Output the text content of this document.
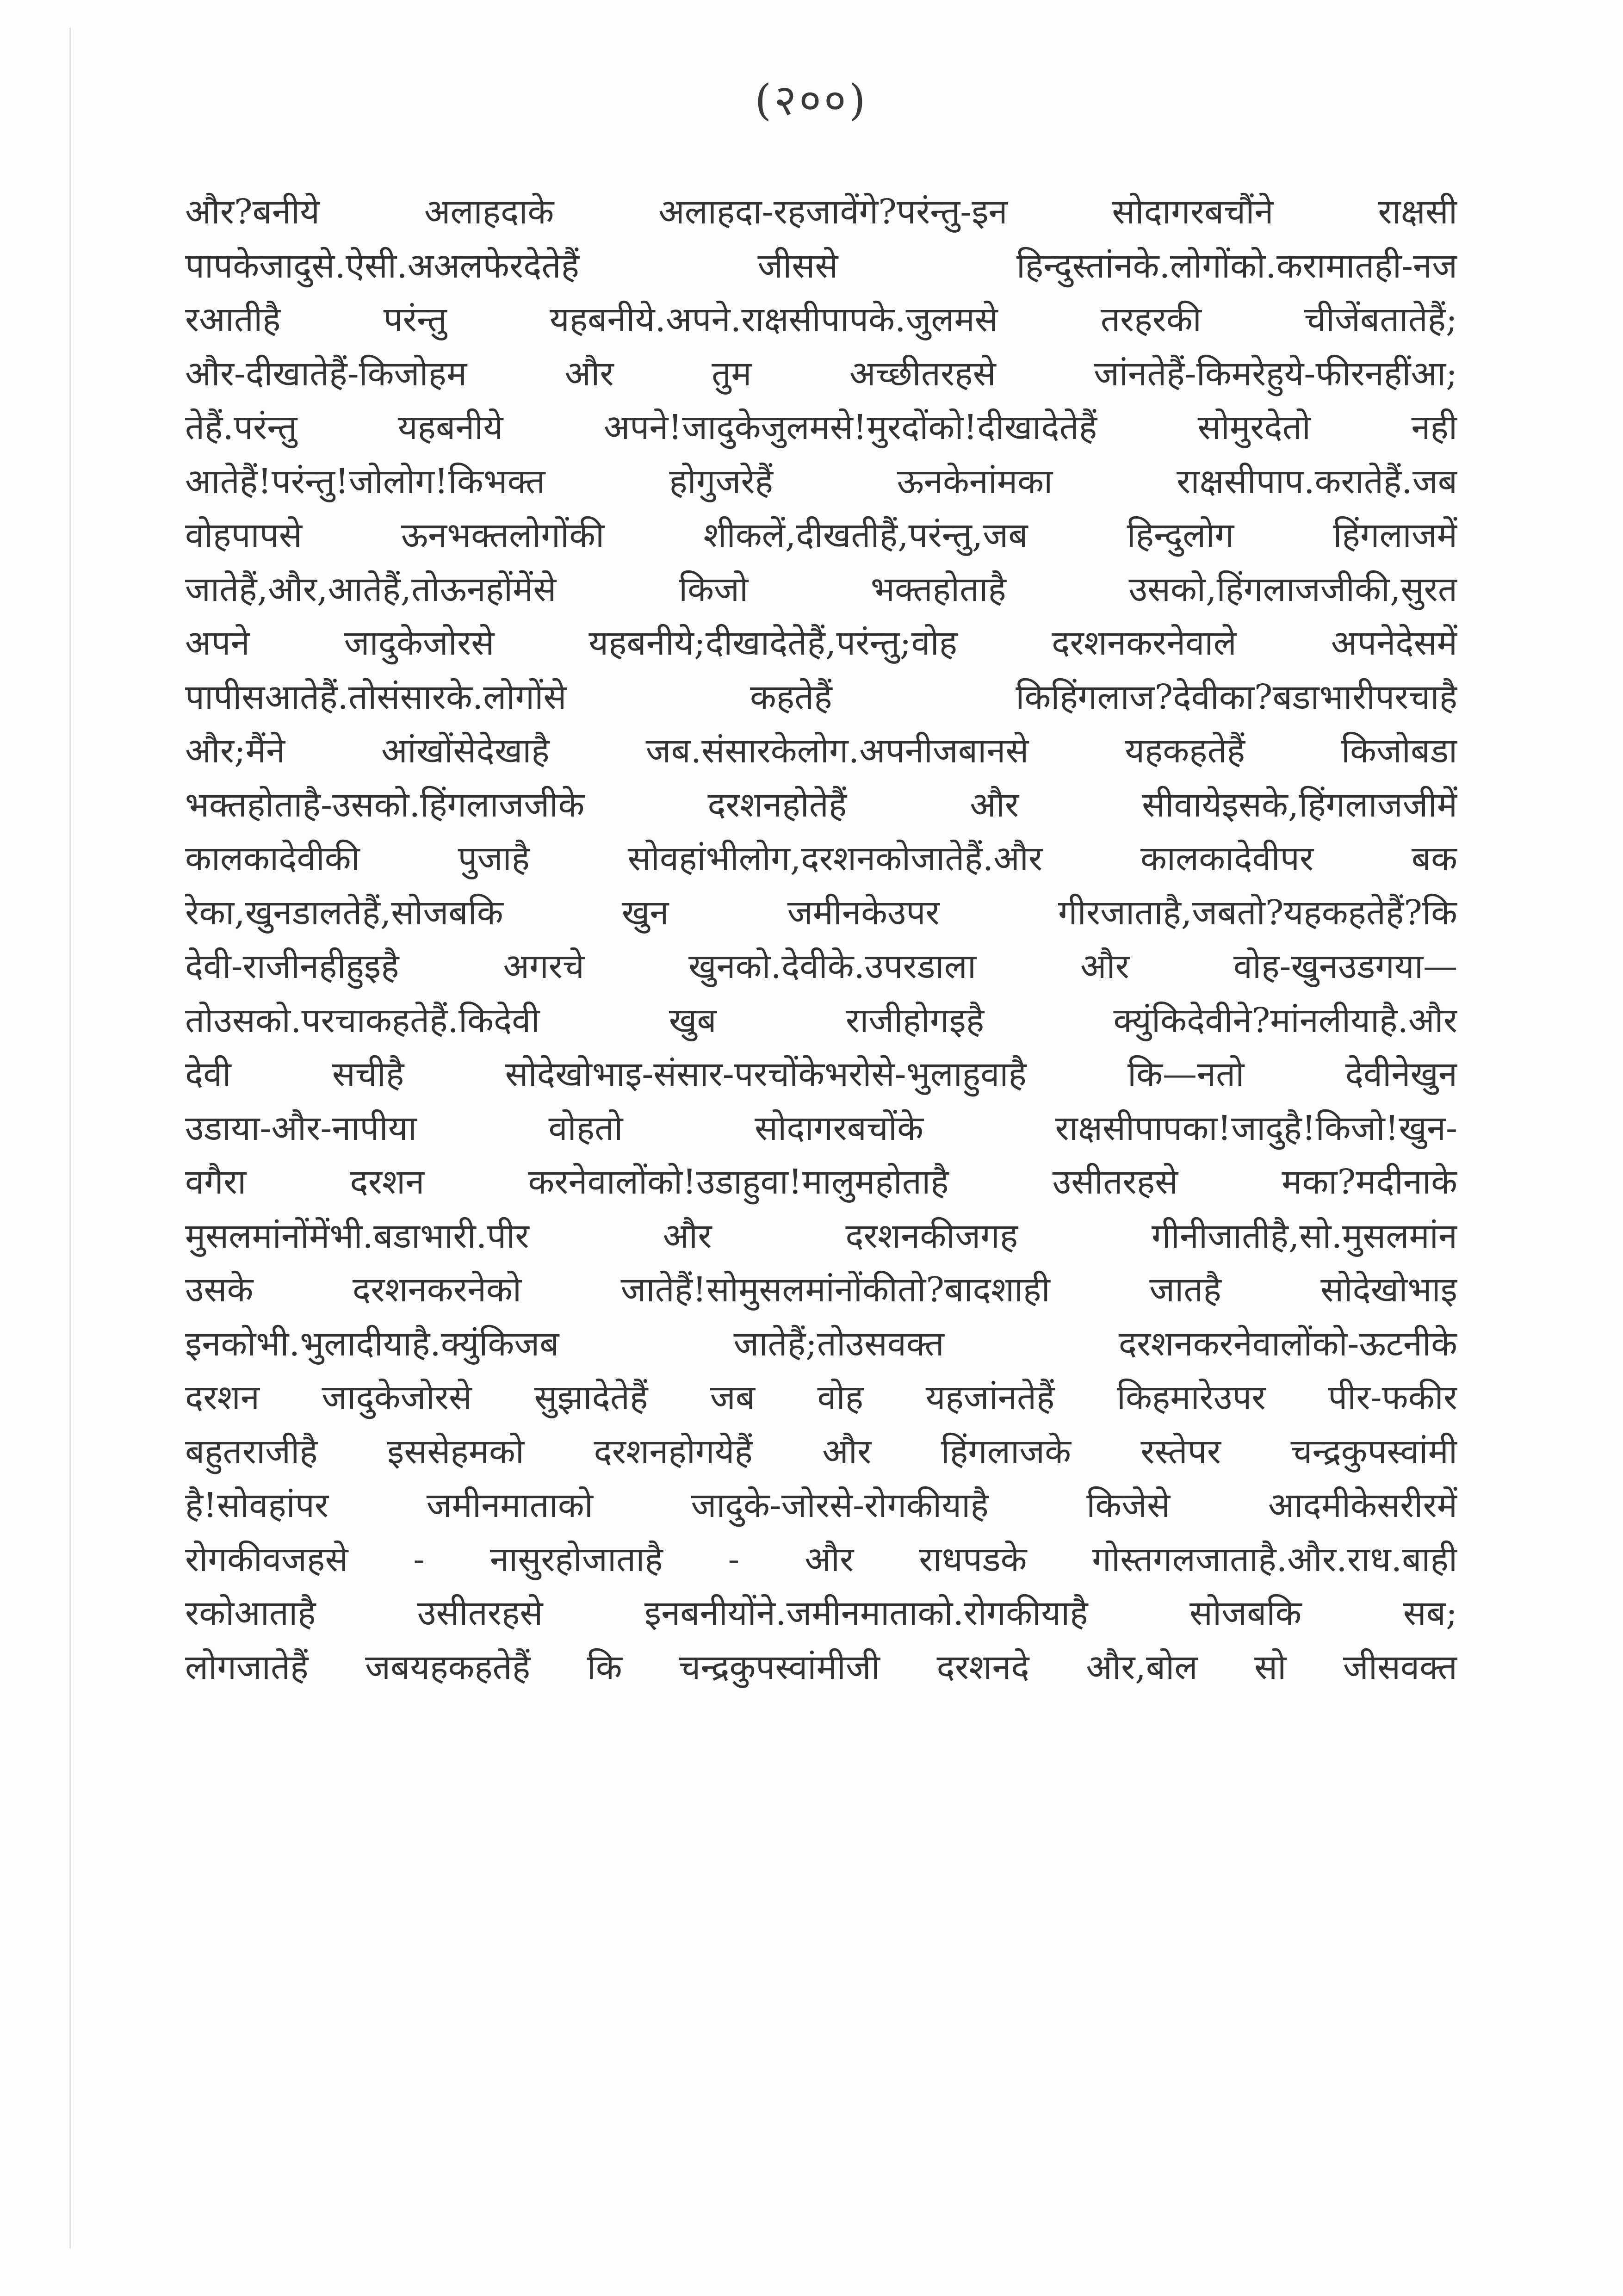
(२००)
और?बनीये अलाहदाके अलाहदा-रहजावेंगे?परंन्तु-इन सोदागरबचौंने राक्षसी
पापकेजादुसे.ऐसी.अअलफेरदेतेहैं जीससे हिन्दुस्तांनके.लोगोंको.करामातही-नज
रआतीहै परंन्तु यहबनीये.अपने.राक्षसीपापके.जुलमसे तरहरकी चीजेंबतातेहैं;
और-दीखातेहैं-किजोहम और तुम अच्छीतरहसे जांनतेहैं-किमरेहुये-फीरनहींआ;
तेहैं.परंन्तु यहबनीये अपने!जादुकेजुलमसे!मुरदोंको!दीखादेतेहैं सोमुरदेतो नही
आतेहैं!परंन्तु!जोलोग!किभक्त होगुजरेहैं ऊनकेनांमका राक्षसीपाप.करातेहैं.जब
वोहपापसे ऊनभक्तलोगोंकी शीकलें,दीखतीहैं,परंन्तु,जब हिन्दुलोग हिंगलाजमें
जातेहैं,और,आतेहैं,तोऊनहोंमेंसे किजो भक्तहोताहै उसको,हिंगलाजजीकी,सुरत
अपने जादुकेजोरसे यहबनीये;दीखादेतेहैं,परंन्तु;वोह दरशनकरनेवाले अपनेदेसमें
पापीसआतेहैं.तोसंसारके.लोगोंसे कहतेहैं किहिंगलाज?देवीका?बडाभारीपरचाहै
और;मैंने आंखोंसेदेखाहै जब.संसारकेलोग.अपनीजबानसे यहकहतेहैं किजोबडा
भक्तहोताहै-उसको.हिंगलाजजीके दरशनहोतेहैं और सीवायेइसके,हिंगलाजजीमें
कालकादेवीकी पुजाहै सोवहांभीलोग,दरशनकोजातेहैं.और कालकादेवीपर बक
रेका,खुनडालतेहैं,सोजबकि खुन जमीनकेउपर गीरजाताहै,जबतो?यहकहतेहैं?कि
देवी-राजीनहीहुइहै अगरचे खुनको.देवीके.उपरडाला और वोह-खुनउडगया—
तोउसको.परचाकहतेहैं.किदेवी खुब राजीहोगइहै क्युंकिदेवीने?मांनलीयाहै.और
देवी सचीहै सोदेखोभाइ-संसार-परचोंकेभरोसे-भुलाहुवाहै कि—नतो देवीनेखुन
उडाया-और-नापीया वोहतो सोदागरबचोंके राक्षसीपापका!जादुहै!किजो!खुन-
वगैरा दरशन करनेवालोंको!उडाहुवा!मालुमहोताहै उसीतरहसे मका?मदीनाके
मुसलमांनोंमेंभी.बडाभारी.पीर और दरशनकीजगह गीनीजातीहै,सो.मुसलमांन
उसके दरशनकरनेको जातेहैं!सोमुसलमांनोंकीतो?बादशाही जातहै सोदेखोभाइ
इनकोभी.भुलादीयाहै.क्युंकिजब जातेहैं;तोउसवक्त दरशनकरनेवालोंको-ऊटनीके
दरशन जादुकेजोरसे सुझादेतेहैं जब वोह यहजांनतेहैं किहमारेउपर पीर-फकीर
बहुतराजीहै इससेहमको दरशनहोगयेहैं और हिंगलाजके रस्तेपर चन्द्रकुपस्वांमी
है!सोवहांपर जमीनमाताको जादुके-जोरसे-रोगकीयाहै किजेसे आदमीकेसरीरमें
रोगकीवजहसे - नासुरहोजाताहै - और राधपडके गोस्तगलजाताहै.और.राध.बाही
रकोआताहै उसीतरहसे इनबनीयोंने.जमीनमाताको.रोगकीयाहै सोजबकि सब;
लोगजातेहैं जबयहकहतेहैं कि चन्द्रकुपस्वांमीजी दरशनदे और,बोल सो जीसवक्त
